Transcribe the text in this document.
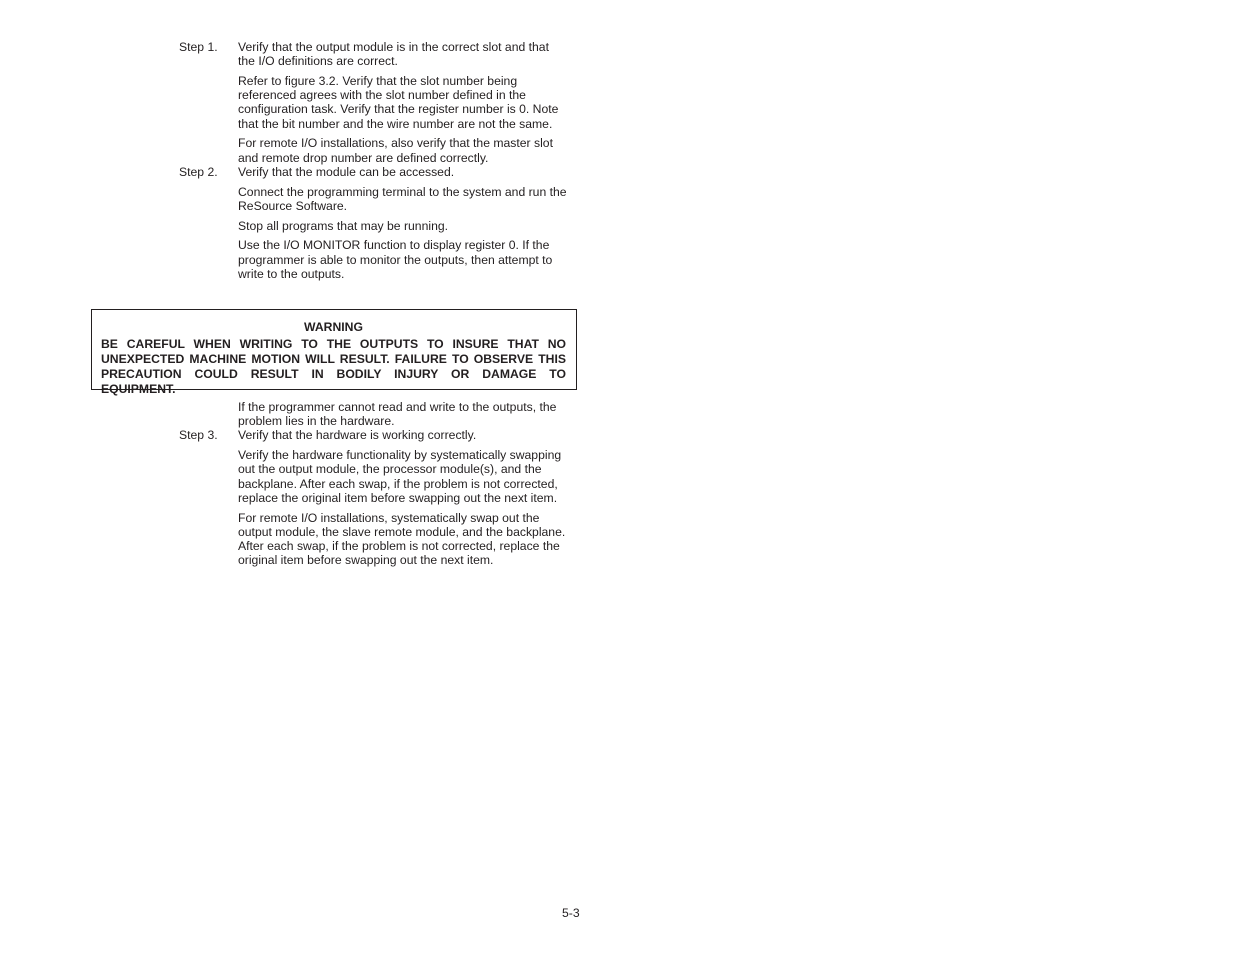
Step 1. Verify that the output module is in the correct slot and that the I/O definitions are correct.
Refer to figure 3.2. Verify that the slot number being referenced agrees with the slot number defined in the configuration task. Verify that the register number is 0. Note that the bit number and the wire number are not the same.
For remote I/O installations, also verify that the master slot and remote drop number are defined correctly.
Step 2. Verify that the module can be accessed.
Connect the programming terminal to the system and run the ReSource Software.
Stop all programs that may be running.
Use the I/O MONITOR function to display register 0. If the programmer is able to monitor the outputs, then attempt to write to the outputs.
WARNING
BE CAREFUL WHEN WRITING TO THE OUTPUTS TO INSURE THAT NO
UNEXPECTED MACHINE MOTION WILL RESULT. FAILURE TO OBSERVE THIS
PRECAUTION COULD RESULT IN BODILY INJURY OR DAMAGE TO EQUIPMENT.
If the programmer cannot read and write to the outputs, the problem lies in the hardware.
Step 3. Verify that the hardware is working correctly.
Verify the hardware functionality by systematically swapping out the output module, the processor module(s), and the backplane. After each swap, if the problem is not corrected, replace the original item before swapping out the next item.
For remote I/O installations, systematically swap out the output module, the slave remote module, and the backplane. After each swap, if the problem is not corrected, replace the original item before swapping out the next item.
5-3
